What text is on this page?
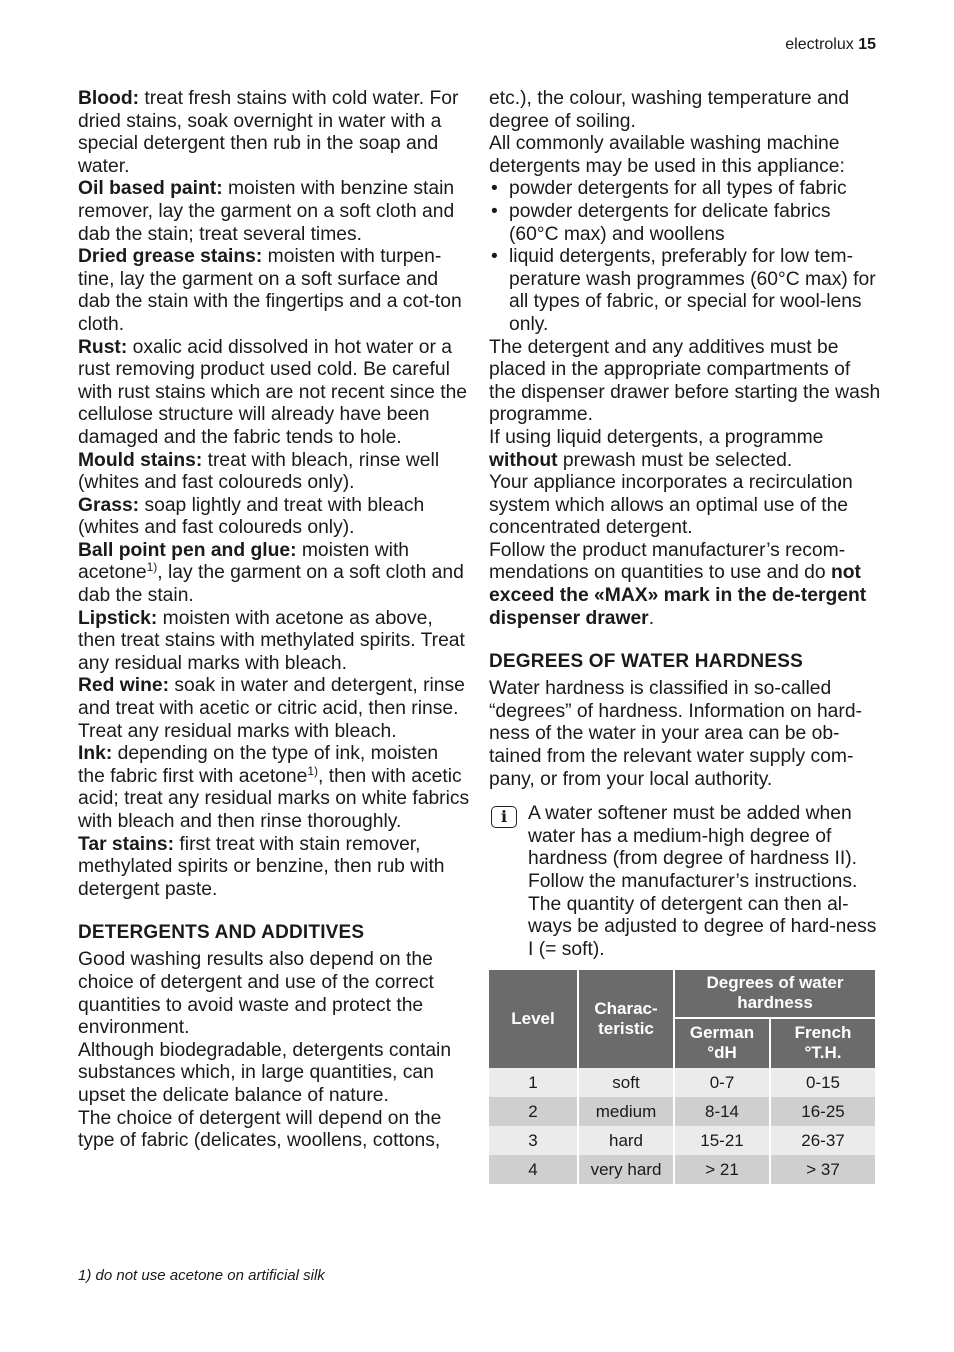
electrolux 15

Blood: treat fresh stains with cold water. For dried stains, soak overnight in water with a special detergent then rub in the soap and water.

Oil based paint: moisten with benzine stain remover, lay the garment on a soft cloth and dab the stain; treat several times.

Dried grease stains: moisten with turpen-tine, lay the garment on a soft surface and dab the stain with the fingertips and a cot-ton cloth.

Rust: oxalic acid dissolved in hot water or a rust removing product used cold. Be careful with rust stains which are not recent since the cellulose structure will already have been damaged and the fabric tends to hole.

Mould stains: treat with bleach, rinse well (whites and fast coloureds only).

Grass: soap lightly and treat with bleach (whites and fast coloureds only).

Ball point pen and glue: moisten with acetone$^{1)}$, lay the garment on a soft cloth and dab the stain.

Lipstick: moisten with acetone as above, then treat stains with methylated spirits. Treat any residual marks with bleach.

Red wine: soak in water and detergent, rinse and treat with acetic or citric acid, then rinse. Treat any residual marks with bleach.

Ink: depending on the type of ink, moisten the fabric first with acetone$^{1)}$, then with acetic acid; treat any residual marks on white fabrics with bleach and then rinse thoroughly.

Tar stains: first treat with stain remover, methylated spirits or benzine, then rub with detergent paste.

DETERGENTS AND ADDITIVES

Good washing results also depend on the choice of detergent and use of the correct quantities to avoid waste and protect the environment.

Although biodegradable, detergents contain substances which, in large quantities, can upset the delicate balance of nature.

The choice of detergent will depend on the type of fabric (delicates, woollens, cottons,

etc.), the colour, washing temperature and degree of soiling.

All commonly available washing machine detergents may be used in this appliance:

• powder detergents for all types of fabric
• powder detergents for delicate fabrics (60°C max) and woollens
• liquid detergents, preferably for low tem-perature wash programmes (60°C max) for all types of fabric, or special for wool-lens only.

The detergent and any additives must be placed in the appropriate compartments of the dispenser drawer before starting the wash programme.

If using liquid detergents, a programme without prewash must be selected.

Your appliance incorporates a recirculation system which allows an optimal use of the concentrated detergent.

Follow the product manufacturer’s recom-mendations on quantities to use and do not exceed the «MAX» mark in the de-tergent dispenser drawer.

DEGREES OF WATER HARDNESS

Water hardness is classified in so-called “degrees” of hardness. Information on hard-ness of the water in your area can be ob-tained from the relevant water supply com-pany, or from your local authority.

i	A water softener must be added when water has a medium-high degree of hardness (from degree of hardness II). Follow the manufacturer’s instructions. The quantity of detergent can then al-ways be adjusted to degree of hard-ness I (= soft).

Level	Charac-teristic	Degrees of water hardness	
		German °dH	French °T.H.
1	soft	0-7	0-15
2	medium	8-14	16-25
3	hard	15-21	26-37
4	very hard	> 21	> 37
1) do not use acetone on artificial silk
